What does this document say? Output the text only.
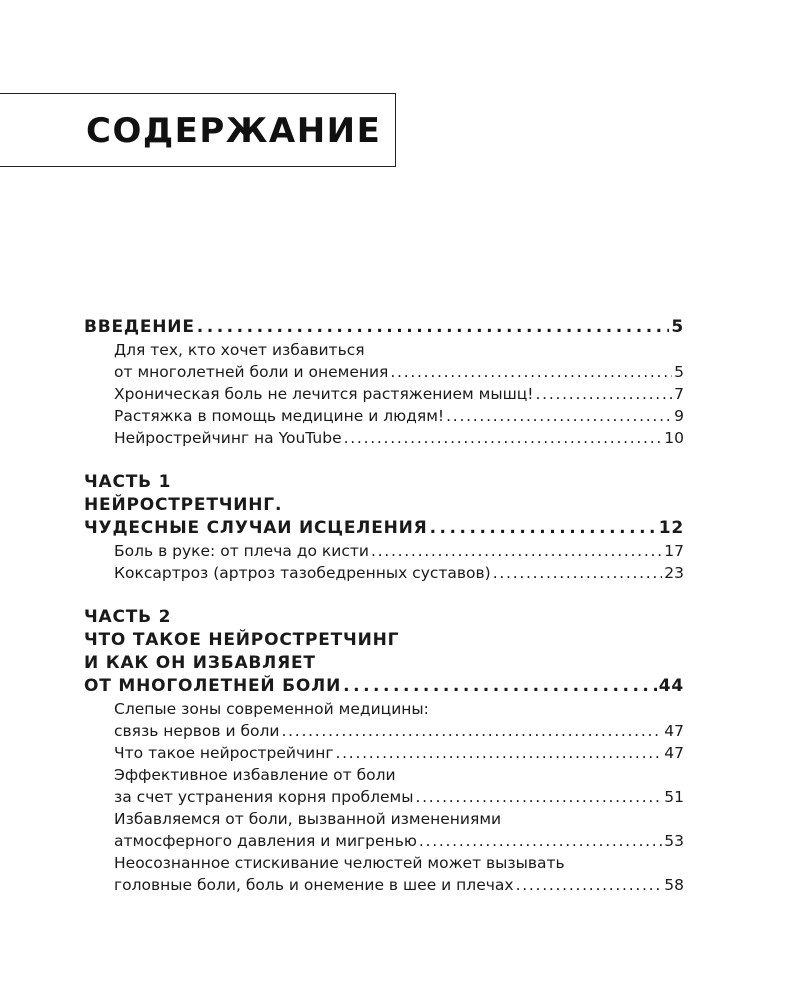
СОДЕРЖАНИЕ
ВВЕДЕНИЕ . . .	5
Для тех, кто хочет избавиться
от многолетней боли и онемения . . .	5
Хроническая боль не лечится растяжением мышц! . . .	7
Растяжка в помощь медицине и людям! . . .	9
Нейрострейчинг на YouTube . . .	10
ЧАСТЬ 1
НЕЙРОСТРЕТЧИНГ.
ЧУДЕСНЫЕ СЛУЧАИ ИСЦЕЛЕНИЯ . . .	12
Боль в руке: от плеча до кисти . . .	17
Коксартроз (артроз тазобедренных суставов) . . .	23
ЧАСТЬ 2
ЧТО ТАКОЕ НЕЙРОСТРЕТЧИНГ
И КАК ОН ИЗБАВЛЯЕТ
ОТ МНОГОЛЕТНЕЙ БОЛИ . . .	44
Слепые зоны современной медицины:
связь нервов и боли . . .	47
Что такое нейрострейчинг . . .	47
Эффективное избавление от боли
за счет устранения корня проблемы . . .	51
Избавляемся от боли, вызванной изменениями
атмосферного давления и мигренью . . .	53
Неосознанное стискивание челюстей может вызывать
головные боли, боль и онемение в шее и плечах . . .	58
